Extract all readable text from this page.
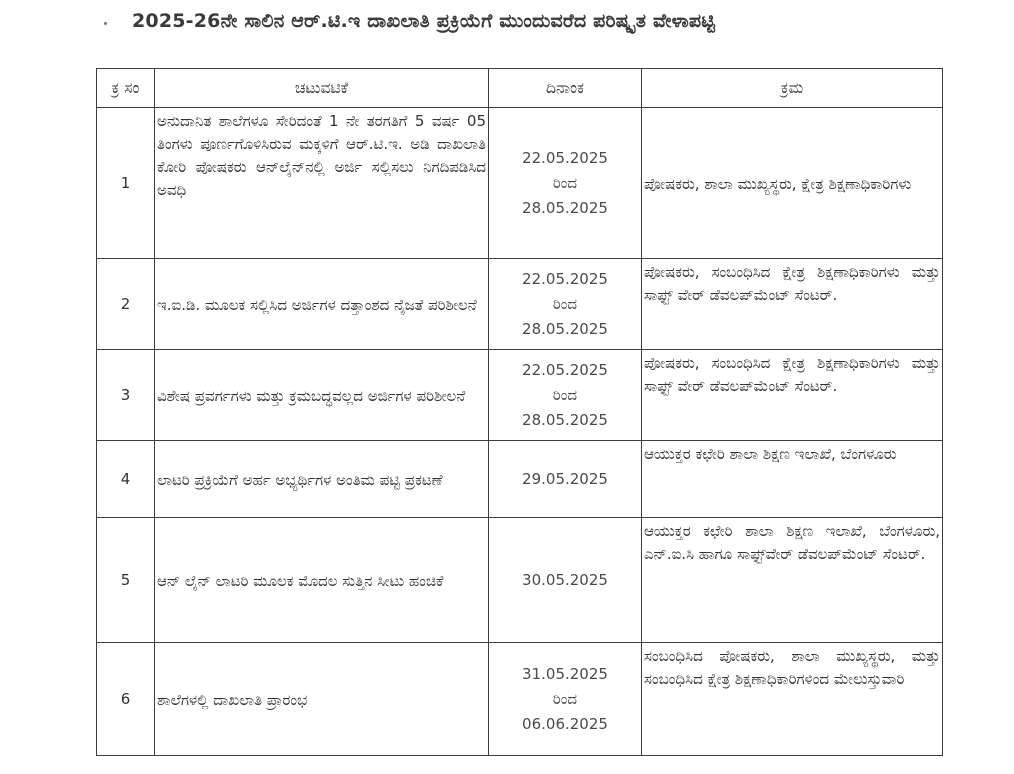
2025-26ನೇ ಸಾಲಿನ ಆರ್.ಟಿ.ಇ ದಾಖಲಾತಿ ಪ್ರಕ್ರಿಯೆಗೆ ಮುಂದುವರೆದ ಪರಿಷ್ಕೃತ ವೇಳಾಪಟ್ಟಿ
ಕ್ರ ಸಂ	ಚಟುವಟಿಕೆ	ದಿನಾಂಕ	ಕ್ರಮ
1	ಅನುದಾನಿತ ಶಾಲೆಗಳೂ ಸೇರಿದಂತೆ 1 ನೇ ತರಗತಿಗೆ 5 ವರ್ಷ 05 ತಿಂಗಳು ಪೂರ್ಣಗೊಳಿಸಿರುವ ಮಕ್ಕಳಿಗೆ ಆರ್.ಟಿ.ಇ. ಅಡಿ ದಾಖಲಾತಿ ಕೋರಿ ಪೋಷಕರು ಆನ್‌ಲೈನ್‌ನಲ್ಲಿ ಅರ್ಜಿ ಸಲ್ಲಿಸಲು ನಿಗದಿಪಡಿಸಿದ ಅವಧಿ	22.05.2025
ರಿಂದ
28.05.2025	ಪೋಷಕರು, ಶಾಲಾ ಮುಖ್ಯಸ್ಥರು, ಕ್ಷೇತ್ರ ಶಿಕ್ಷಣಾಧಿಕಾರಿಗಳು
2	ಇ.ಐ.ಡಿ. ಮೂಲಕ ಸಲ್ಲಿಸಿದ ಅರ್ಜಿಗಳ ದತ್ತಾಂಶದ ನೈಜತೆ ಪರಿಶೀಲನೆ	22.05.2025
ರಿಂದ
28.05.2025	ಪೋಷಕರು, ಸಂಬಂಧಿಸಿದ ಕ್ಷೇತ್ರ ಶಿಕ್ಷಣಾಧಿಕಾರಿಗಳು ಮತ್ತು ಸಾಫ್ಟ್ ವೇರ್ ಡೆವಲಪ್‌ಮೆಂಟ್ ಸೆಂಟರ್.
3	ವಿಶೇಷ ಪ್ರವರ್ಗಗಳು ಮತ್ತು ಕ್ರಮಬದ್ಧವಲ್ಲದ ಅರ್ಜಿಗಳ ಪರಿಶೀಲನೆ	22.05.2025
ರಿಂದ
28.05.2025	ಪೋಷಕರು, ಸಂಬಂಧಿಸಿದ ಕ್ಷೇತ್ರ ಶಿಕ್ಷಣಾಧಿಕಾರಿಗಳು ಮತ್ತು ಸಾಫ್ಟ್ ವೇರ್ ಡೆವಲಪ್‌ಮೆಂಟ್ ಸೆಂಟರ್.
4	ಲಾಟರಿ ಪ್ರಕ್ರಿಯೆಗೆ ಅರ್ಹ ಅಭ್ಯರ್ಥಿಗಳ ಅಂತಿಮ ಪಟ್ಟಿ ಪ್ರಕಟಣೆ	29.05.2025	ಆಯುಕ್ತರ ಕಛೇರಿ ಶಾಲಾ ಶಿಕ್ಷಣ ಇಲಾಖೆ, ಬೆಂಗಳೂರು
5	ಆನ್ ಲೈನ್ ಲಾಟರಿ ಮೂಲಕ ಮೊದಲ ಸುತ್ತಿನ ಸೀಟು ಹಂಚಿಕೆ	30.05.2025	ಆಯುಕ್ತರ ಕಛೇರಿ ಶಾಲಾ ಶಿಕ್ಷಣ ಇಲಾಖೆ, ಬೆಂಗಳೂರು, ಎನ್.ಐ.ಸಿ ಹಾಗೂ ಸಾಫ್ಟ್‌ವೇರ್ ಡೆವಲಪ್‌ಮೆಂಟ್ ಸೆಂಟರ್.
6	ಶಾಲೆಗಳಲ್ಲಿ ದಾಖಲಾತಿ ಪ್ರಾರಂಭ	31.05.2025
ರಿಂದ
06.06.2025	ಸಂಬಂಧಿಸಿದ ಪೋಷಕರು, ಶಾಲಾ ಮುಖ್ಯಸ್ಥರು, ಮತ್ತು ಸಂಬಂಧಿಸಿದ ಕ್ಷೇತ್ರ ಶಿಕ್ಷಣಾಧಿಕಾರಿಗಳಿಂದ ಮೇಲುಸ್ತುವಾರಿ
